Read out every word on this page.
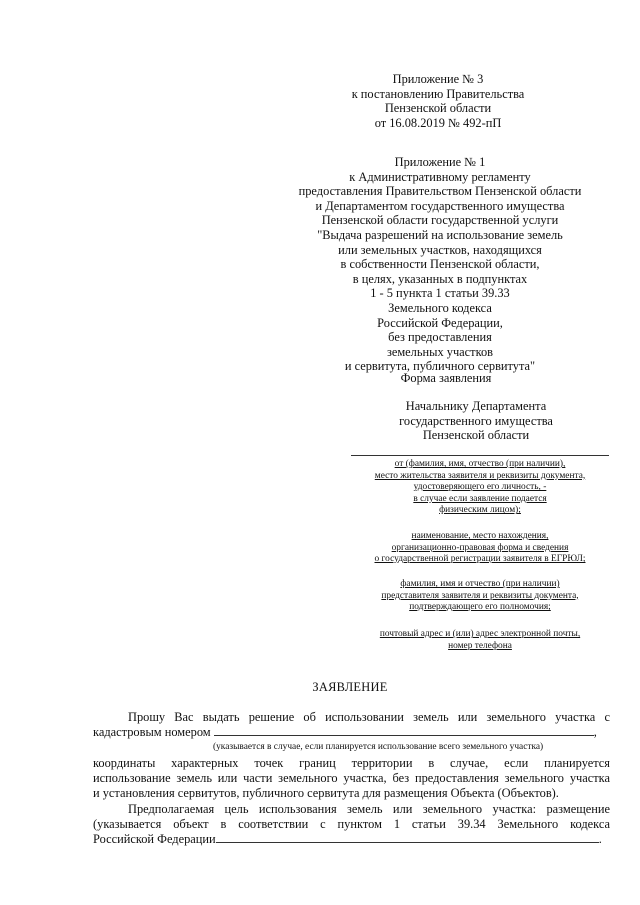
Приложение № 3
к постановлению Правительства
Пензенской области
от 16.08.2019 № 492-пП
Приложение № 1
к Административному регламенту
предоставления Правительством Пензенской области
и Департаментом государственного имущества
Пензенской области государственной услуги
"Выдача разрешений на использование земель
или земельных участков, находящихся
в собственности Пензенской области,
в целях, указанных в подпунктах
1 - 5 пункта 1 статьи 39.33
Земельного кодекса
Российской Федерации,
без предоставления
земельных участков
и сервитута, публичного сервитута"
Форма заявления
Начальнику Департамента
государственного имущества
Пензенской области
от (фамилия, имя, отчество (при наличии),
место жительства заявителя и реквизиты документа,
удостоверяющего его личность, -
в случае если заявление подается
физическим лицом);
наименование, место нахождения,
организационно-правовая форма и сведения
о государственной регистрации заявителя в ЕГРЮЛ;
фамилия, имя и отчество (при наличии)
представителя заявителя и реквизиты документа,
подтверждающего его полномочия;
почтовый адрес и (или) адрес электронной почты,
номер телефона
ЗАЯВЛЕНИЕ
Прошу Вас выдать решение об использовании земель или земельного участка с
кадастровым номером	,
(указывается в случае, если планируется использование всего земельного участка)
координаты характерных точек границ территории в случае, если планируется
использование земель или части земельного участка, без предоставления земельного участка
и установления сервитутов, публичного сервитута для размещения Объекта (Объектов).
Предполагаемая цель использования земель или земельного участка: размещение
(указывается объект в соответствии с пунктом 1 статьи 39.34 Земельного кодекса
Российской Федерации	.
